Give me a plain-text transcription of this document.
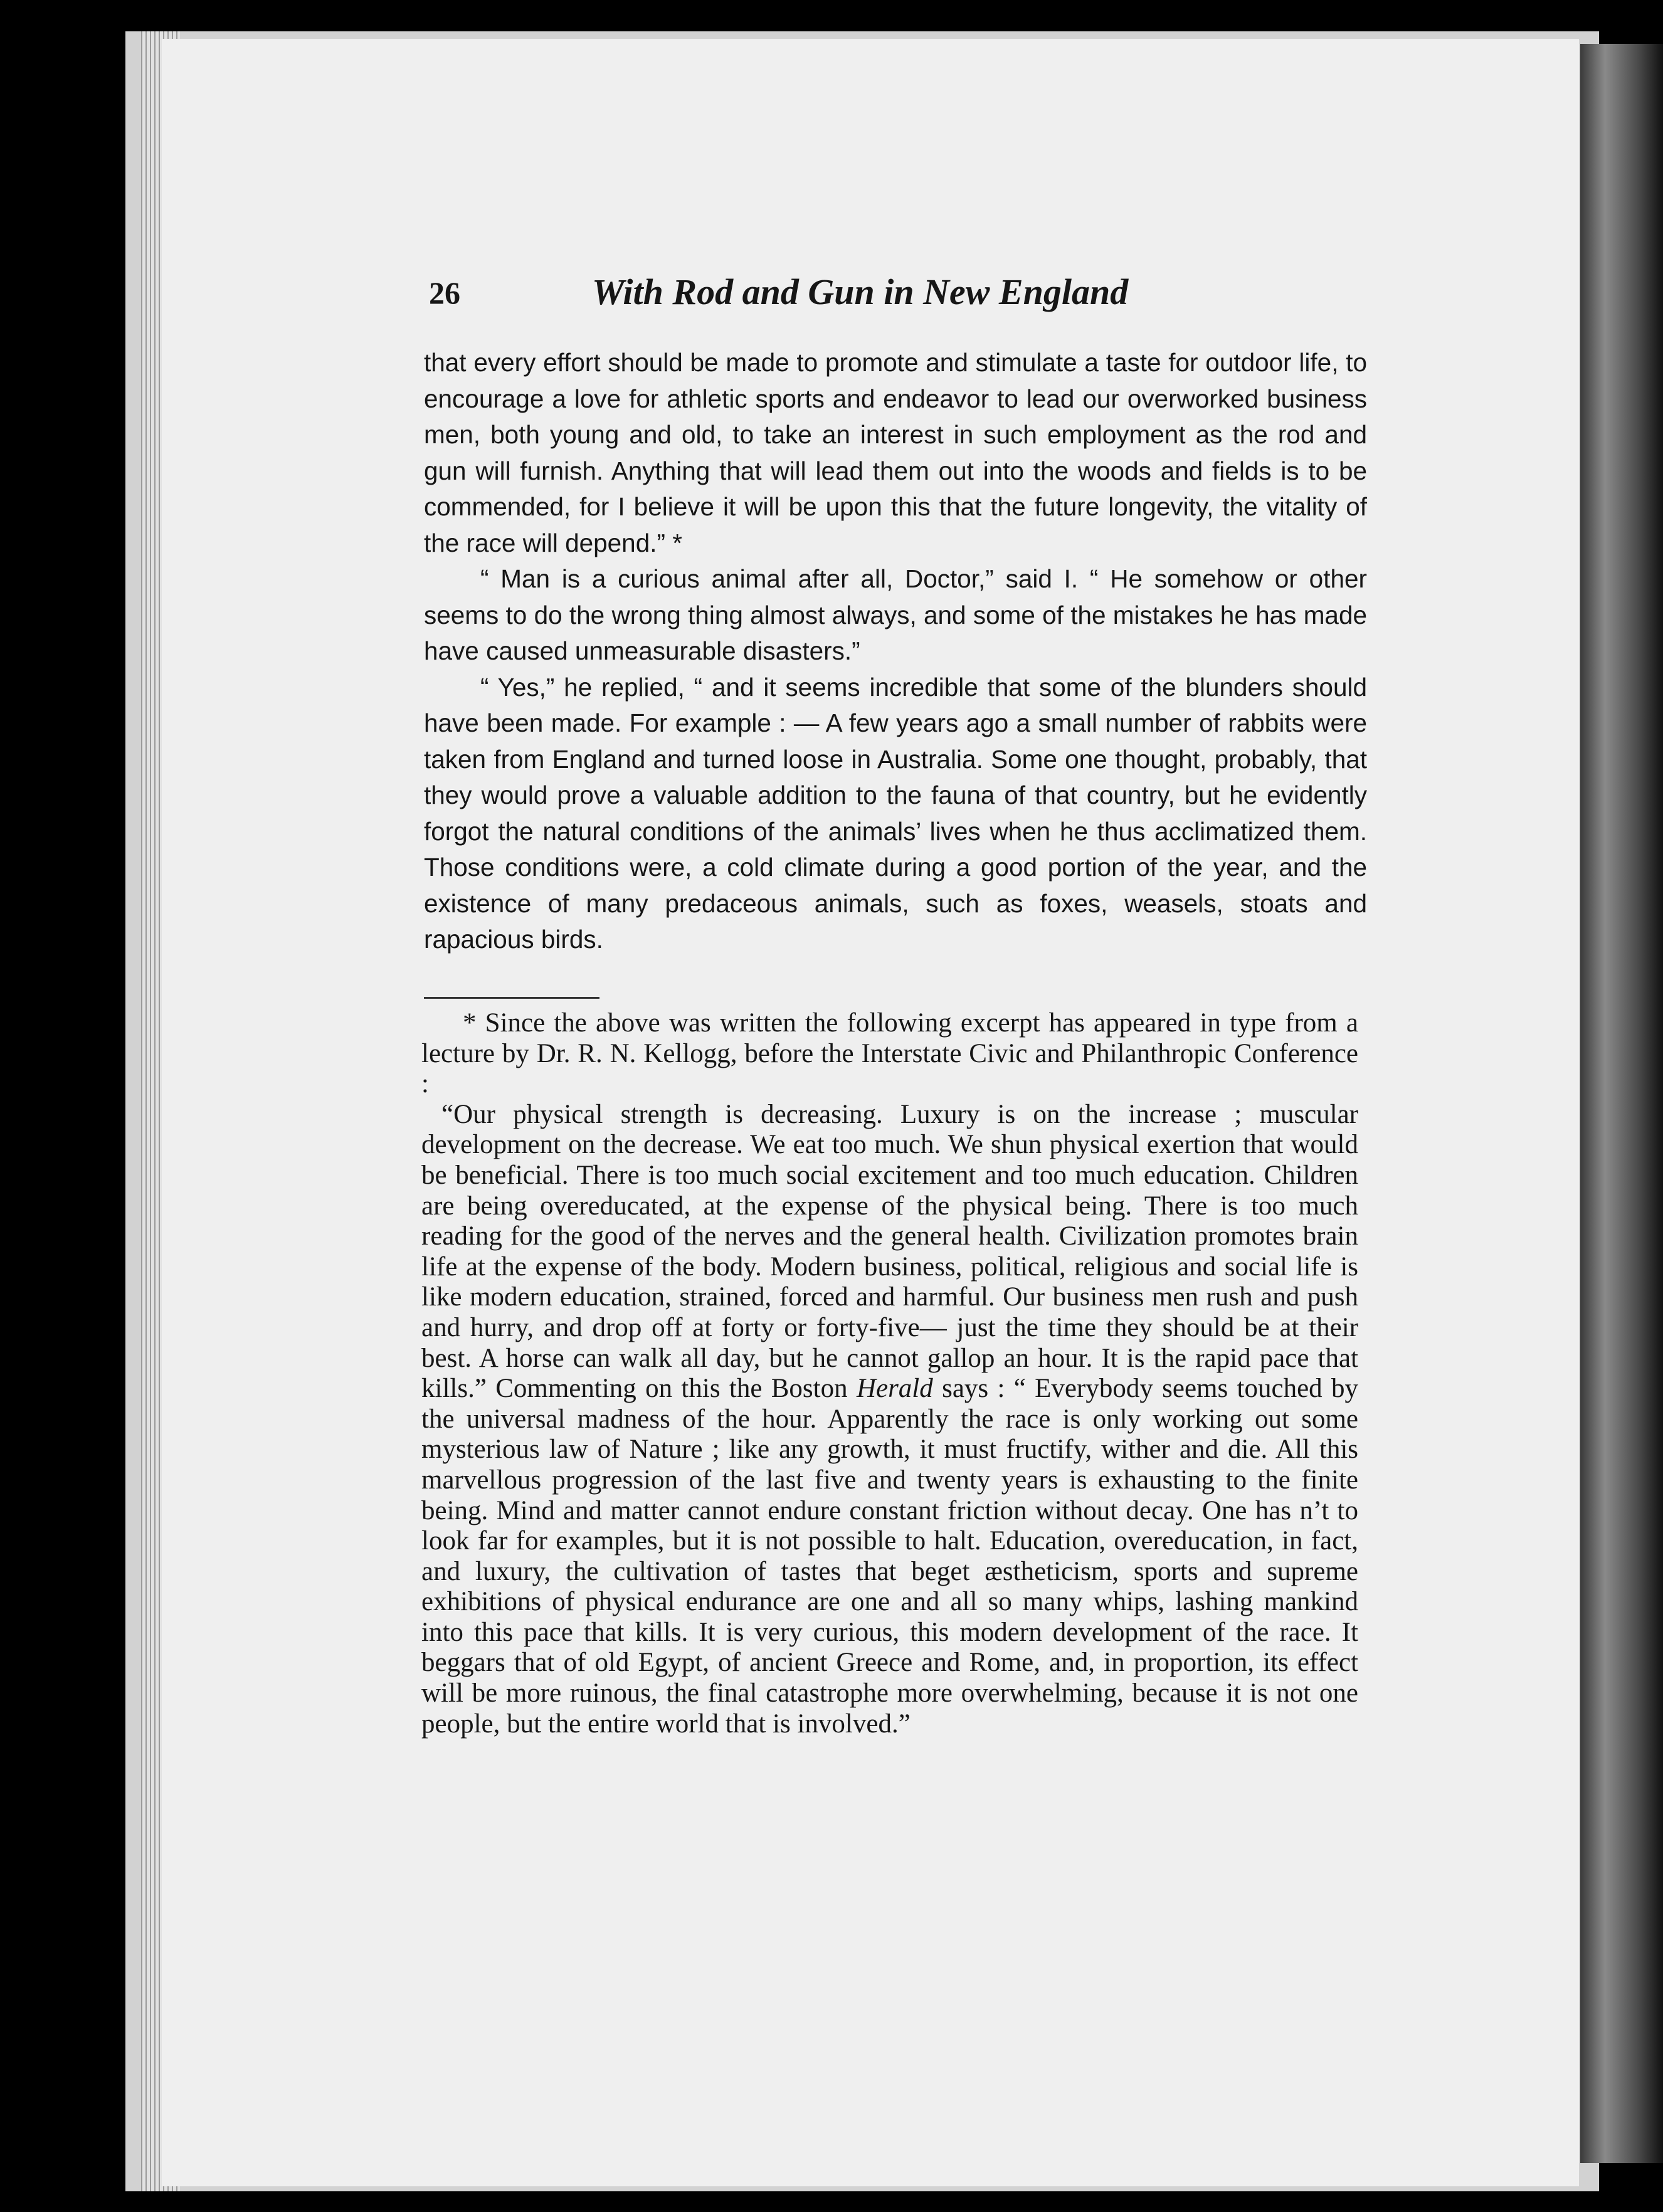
26	With Rod and Gun in New England

that every effort should be made to promote and stimulate a taste for outdoor life, to encourage a love for athletic sports and endeavor to lead our overworked business men, both young and old, to take an interest in such employment as the rod and gun will furnish. Anything that will lead them out into the woods and fields is to be commended, for I believe it will be upon this that the future longevity, the vitality of the race will depend.” *

“ Man is a curious animal after all, Doctor,” said I. “ He somehow or other seems to do the wrong thing almost always, and some of the mistakes he has made have caused unmeasurable disasters.”

“ Yes,” he replied, “ and it seems incredible that some of the blunders should have been made. For example : — A few years ago a small number of rabbits were taken from England and turned loose in Australia. Some one thought, probably, that they would prove a valuable addition to the fauna of that country, but he evidently forgot the natural conditions of the animals’ lives when he thus acclimatized them. Those conditions were, a cold climate during a good portion of the year, and the existence of many predaceous animals, such as foxes, weasels, stoats and rapacious birds.

* Since the above was written the following excerpt has appeared in type from a lecture by Dr. R. N. Kellogg, before the Interstate Civic and Philanthropic Conference :

“Our physical strength is decreasing. Luxury is on the increase ; muscular development on the decrease. We eat too much. We shun physical exertion that would be beneficial. There is too much social excitement and too much education. Children are being overeducated, at the expense of the physical being. There is too much reading for the good of the nerves and the general health. Civilization promotes brain life at the expense of the body. Modern business, political, religious and social life is like modern education, strained, forced and harmful. Our business men rush and push and hurry, and drop off at forty or forty-five— just the time they should be at their best. A horse can walk all day, but he cannot gallop an hour. It is the rapid pace that kills.” Commenting on this the Boston Herald says : “ Everybody seems touched by the universal madness of the hour. Apparently the race is only working out some mysterious law of Nature ; like any growth, it must fructify, wither and die. All this marvellous progression of the last five and twenty years is exhausting to the finite being. Mind and matter cannot endure constant friction without decay. One has n’t to look far for examples, but it is not possible to halt. Education, overeducation, in fact, and luxury, the cultivation of tastes that beget æstheticism, sports and supreme exhibitions of physical endurance are one and all so many whips, lashing mankind into this pace that kills. It is very curious, this modern development of the race. It beggars that of old Egypt, of ancient Greece and Rome, and, in proportion, its effect will be more ruinous, the final catastrophe more overwhelming, because it is not one people, but the entire world that is involved.”
